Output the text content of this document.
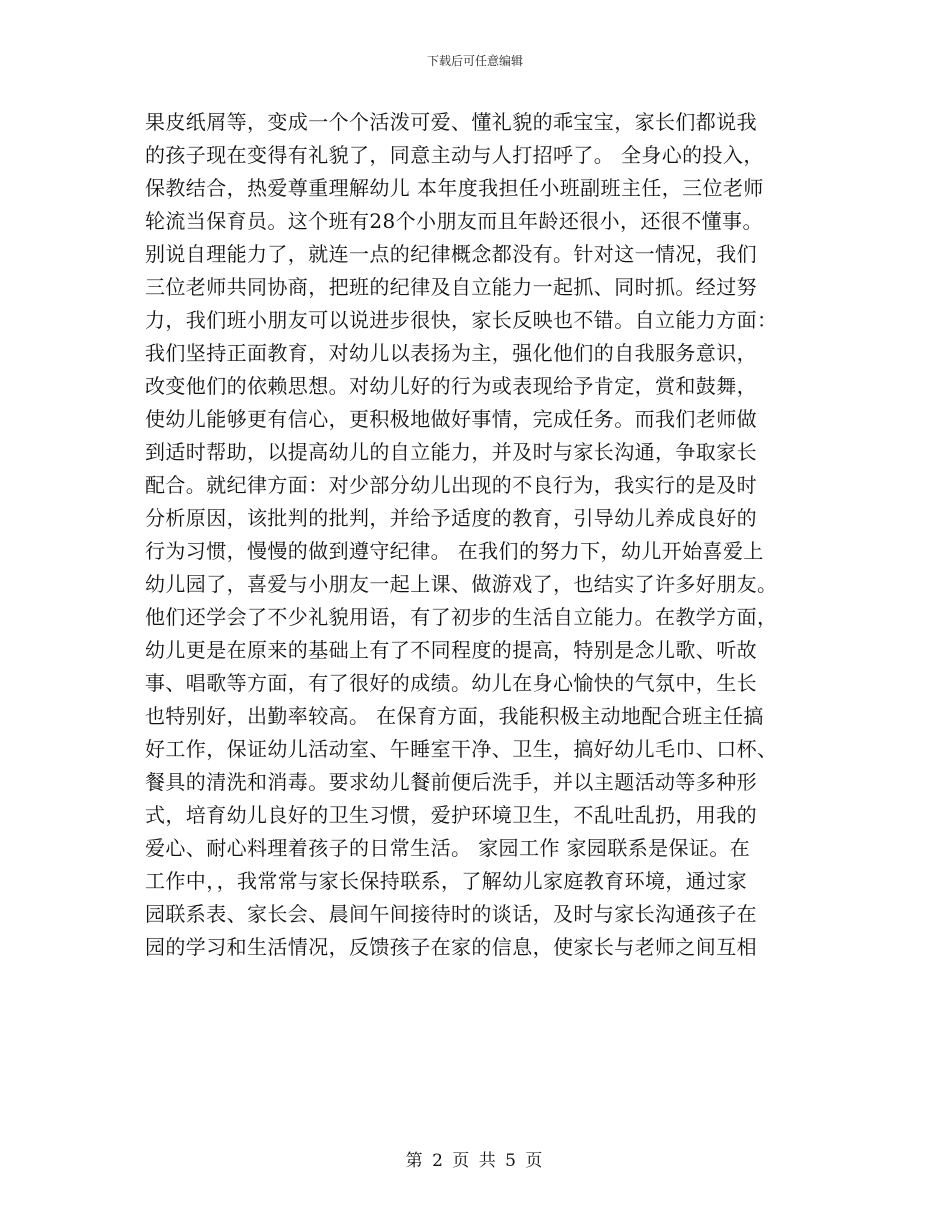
下载后可任意编辑
果皮纸屑等，变成一个个活泼可爱、懂礼貌的乖宝宝，家长们都说我
的孩子现在变得有礼貌了，同意主动与人打招呼了。 全身心的投入，
保教结合，热爱尊重理解幼儿 本年度我担任小班副班主任，三位老师
轮流当保育员。这个班有28个小朋友而且年龄还很小，还很不懂事。
别说自理能力了，就连一点的纪律概念都没有。针对这一情况，我们
三位老师共同协商，把班的纪律及自立能力一起抓、同时抓。经过努
力，我们班小朋友可以说进步很快，家长反映也不错。自立能力方面：
我们坚持正面教育，对幼儿以表扬为主，强化他们的自我服务意识，
改变他们的依赖思想。对幼儿好的行为或表现给予肯定，赏和鼓舞，
使幼儿能够更有信心，更积极地做好事情，完成任务。而我们老师做
到适时帮助，以提高幼儿的自立能力，并及时与家长沟通，争取家长
配合。就纪律方面：对少部分幼儿出现的不良行为，我实行的是及时
分析原因，该批判的批判，并给予适度的教育，引导幼儿养成良好的
行为习惯，慢慢的做到遵守纪律。 在我们的努力下，幼儿开始喜爱上
幼儿园了，喜爱与小朋友一起上课、做游戏了，也结实了许多好朋友。
他们还学会了不少礼貌用语，有了初步的生活自立能力。在教学方面，
幼儿更是在原来的基础上有了不同程度的提高，特别是念儿歌、听故
事、唱歌等方面，有了很好的成绩。幼儿在身心愉快的气氛中，生长
也特别好，出勤率较高。 在保育方面，我能积极主动地配合班主任搞
好工作，保证幼儿活动室、午睡室干净、卫生，搞好幼儿毛巾、口杯、
餐具的清洗和消毒。要求幼儿餐前便后洗手，并以主题活动等多种形
式，培育幼儿良好的卫生习惯，爱护环境卫生，不乱吐乱扔，用我的
爱心、耐心料理着孩子的日常生活。 家园工作 家园联系是保证。在
工作中，，我常常与家长保持联系，了解幼儿家庭教育环境，通过家
园联系表、家长会、晨间午间接待时的谈话，及时与家长沟通孩子在
园的学习和生活情况，反馈孩子在家的信息，使家长与老师之间互相
第 2 页 共 5 页
